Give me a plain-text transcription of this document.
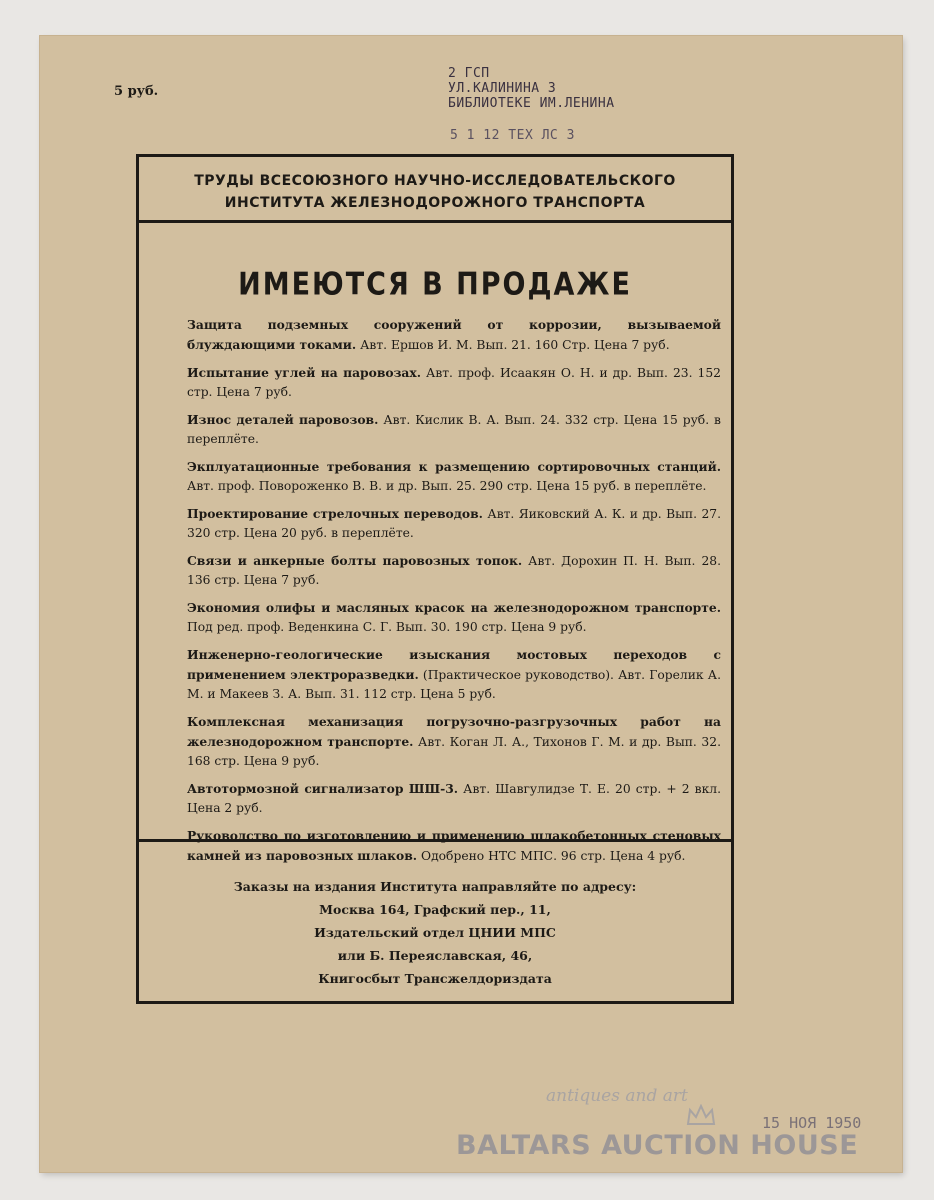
5 руб.
2 ГСП
УЛ.КАЛИНИНА 3
БИБЛИОТЕКЕ ИМ.ЛЕНИНА
5 1 12 ТЕХ ЛС 3
ТРУДЫ ВСЕСОЮЗНОГО НАУЧНО-ИССЛЕДОВАТЕЛЬСКОГО
ИНСТИТУТА ЖЕЛЕЗНОДОРОЖНОГО ТРАНСПОРТА
ИМЕЮТСЯ В ПРОДАЖЕ
Защита подземных сооружений от коррозии, вызываемой блуждающими токами. Авт. Ершов И. М. Вып. 21. 160 Стр. Цена 7 руб.
Испытание углей на паровозах. Авт. проф. Исаакян О. Н. и др. Вып. 23. 152 стр. Цена 7 руб.
Износ деталей паровозов. Авт. Кислик В. А. Вып. 24. 332 стр. Цена 15 руб. в переплёте.
Экплуатационные требования к размещению сортировочных станций. Авт. проф. Повороженко В. В. и др. Вып. 25. 290 стр. Цена 15 руб. в переплёте.
Проектирование стрелочных переводов. Авт. Яиковский А. К. и др. Вып. 27. 320 стр. Цена 20 руб. в переплёте.
Связи и анкерные болты паровозных топок. Авт. Дорохин П. Н. Вып. 28. 136 стр. Цена 7 руб.
Экономия олифы и масляных красок на железнодорожном транспорте. Под ред. проф. Веденкина С. Г. Вып. 30. 190 стр. Цена 9 руб.
Инженерно-геологические изыскания мостовых переходов с применением электроразведки. (Практическое руководство). Авт. Горелик А. М. и Макеев З. А. Вып. 31. 112 стр. Цена 5 руб.
Комплексная механизация погрузочно-разгрузочных работ на железнодорожном транспорте. Авт. Коган Л. А., Тихонов Г. М. и др. Вып. 32. 168 стр. Цена 9 руб.
Автотормозной сигнализатор ШШ-3. Авт. Шавгулидзе Т. Е. 20 стр. + 2 вкл. Цена 2 руб.
Руководство по изготовлению и применению шлакобетонных стеновых камней из паровозных шлаков. Одобрено НТС МПС. 96 стр. Цена 4 руб.
Заказы на издания Института направляйте по адресу:
Москва 164, Графский пер., 11,
Издательский отдел ЦНИИ МПС
или Б. Переяславская, 46,
Книгосбыт Трансжелдориздата
15 НОЯ 1950
antiques and art
BALTARS AUCTION HOUSE
